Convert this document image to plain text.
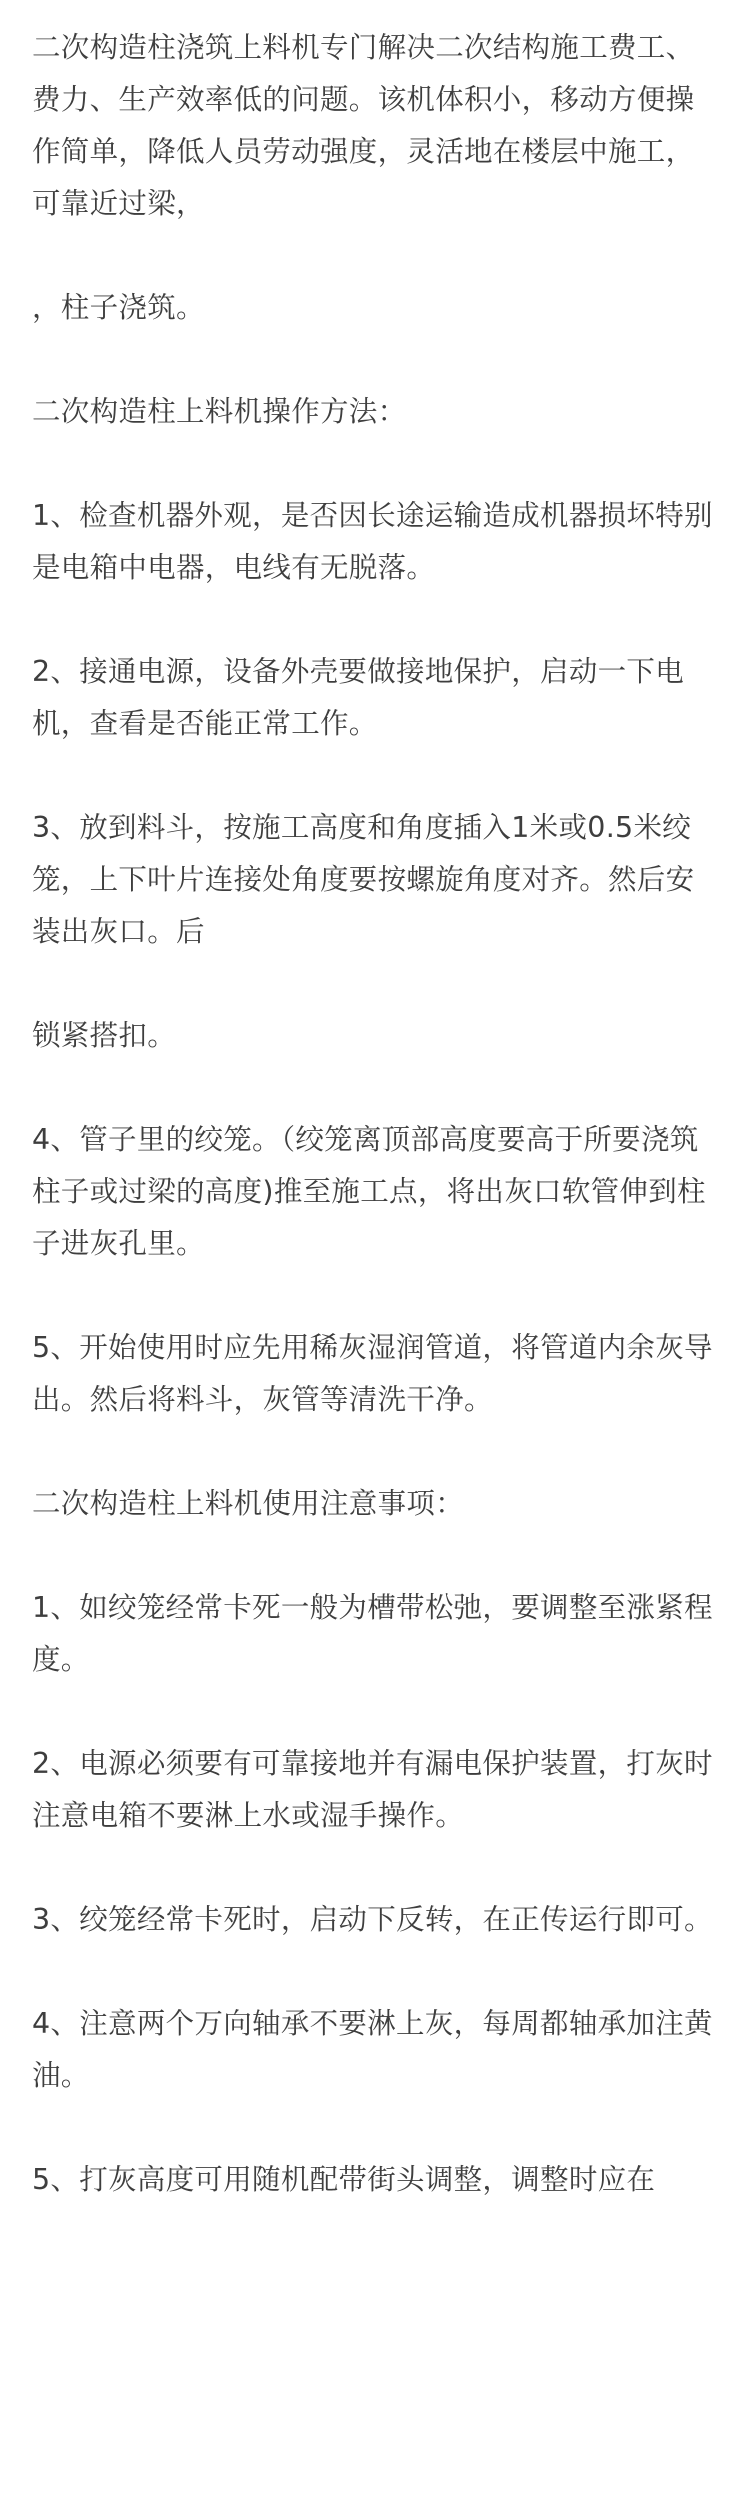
二次构造柱浇筑上料机专门解决二次结构施工费工、费力、生产效率低的问题。该机体积小，移动方便操作简单，降低人员劳动强度，灵活地在楼层中施工，可靠近过梁，

，柱子浇筑。

二次构造柱上料机操作方法：

1、检查机器外观，是否因长途运输造成机器损坏特别是电箱中电器，电线有无脱落。

2、接通电源，设备外壳要做接地保护，启动一下电机，查看是否能正常工作。

3、放到料斗，按施工高度和角度插入1米或0.5米绞笼，上下叶片连接处角度要按螺旋角度对齐。然后安装出灰口。后

锁紧搭扣。

4、管子里的绞笼。（绞笼离顶部高度要高于所要浇筑柱子或过梁的高度)推至施工点，将出灰口软管伸到柱子进灰孔里。

5、开始使用时应先用稀灰湿润管道，将管道内余灰导出。然后将料斗，灰管等清洗干净。

二次构造柱上料机使用注意事项：

1、如绞笼经常卡死一般为槽带松弛，要调整至涨紧程度。

2、电源必须要有可靠接地并有漏电保护装置，打灰时注意电箱不要淋上水或湿手操作。

3、绞笼经常卡死时，启动下反转，在正传运行即可。

4、注意两个万向轴承不要淋上灰，每周都轴承加注黄油。

5、打灰高度可用随机配带街头调整，调整时应在
